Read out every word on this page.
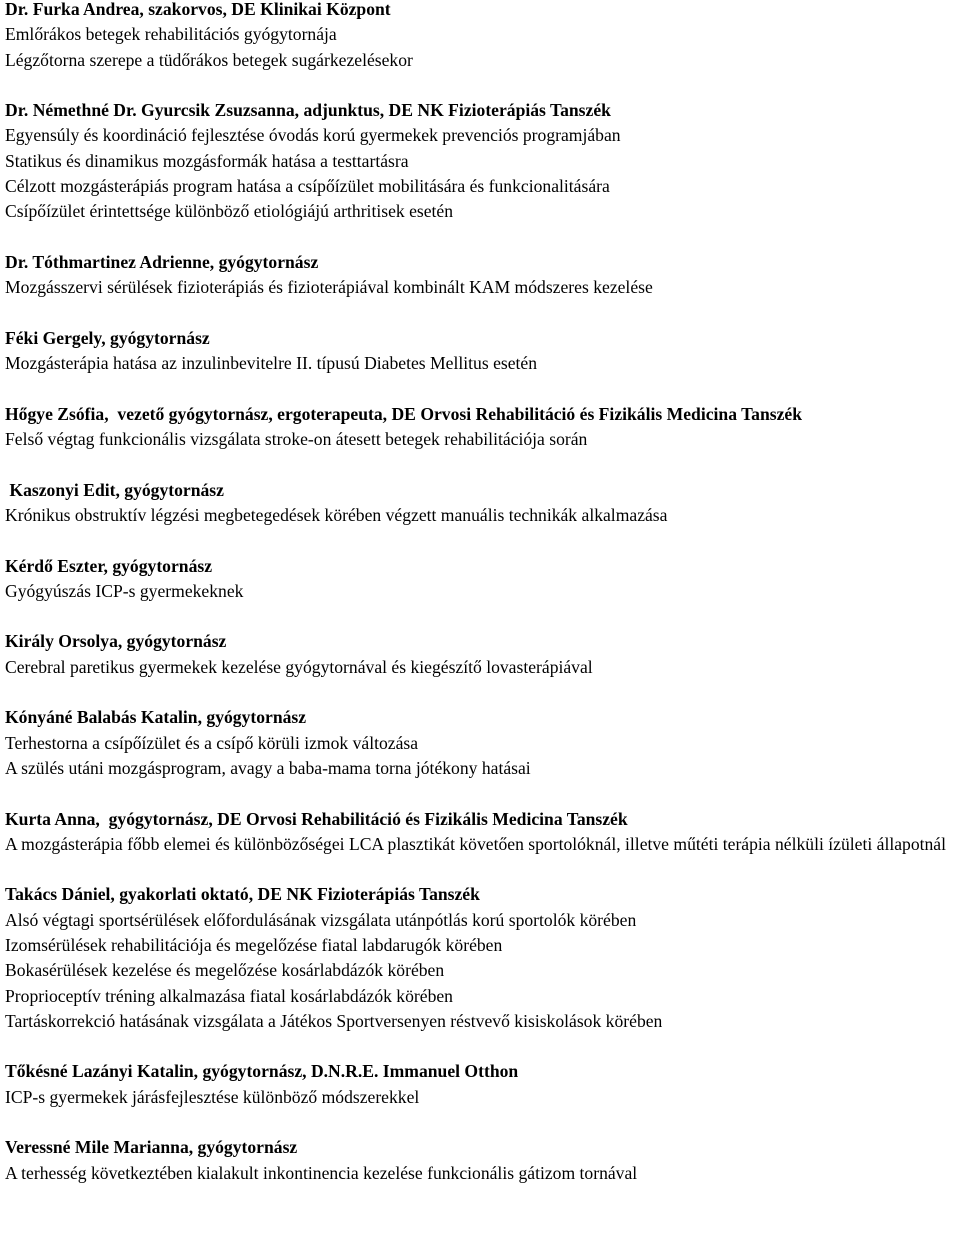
Dr. Furka Andrea, szakorvos, DE Klinikai Központ

Emlőrákos betegek rehabilitációs gyógytornája

Légzőtorna szerepe a tüdőrákos betegek sugárkezelésekor

Dr. Némethné Dr. Gyurcsik Zsuzsanna, adjunktus, DE NK Fizioterápiás Tanszék

Egyensúly és koordináció fejlesztése óvodás korú gyermekek prevenciós programjában

Statikus és dinamikus mozgásformák hatása a testtartásra

Célzott mozgásterápiás program hatása a csípőízület mobilitására és funkcionalitására

Csípőízület érintettsége különböző etiológiájú arthritisek esetén

Dr. Tóthmartinez Adrienne, gyógytornász

Mozgásszervi sérülések fizioterápiás és fizioterápiával kombinált KAM módszeres kezelése

Féki Gergely, gyógytornász

Mozgásterápia hatása az inzulinbevitelre II. típusú Diabetes Mellitus esetén

Hőgye Zsófia,  vezető gyógytornász, ergoterapeuta, DE Orvosi Rehabilitáció és Fizikális Medicina Tanszék

Felső végtag funkcionális vizsgálata stroke-on átesett betegek rehabilitációja során

Kaszonyi Edit, gyógytornász

Krónikus obstruktív légzési megbetegedések körében végzett manuális technikák alkalmazása

Kérdő Eszter, gyógytornász

Gyógyúszás ICP-s gyermekeknek

Király Orsolya, gyógytornász

Cerebral paretikus gyermekek kezelése gyógytornával és kiegészítő lovasterápiával

Kónyáné Balabás Katalin, gyógytornász

Terhestorna a csípőízület és a csípő körüli izmok változása

A szülés utáni mozgásprogram, avagy a baba-mama torna jótékony hatásai

Kurta Anna,  gyógytornász, DE Orvosi Rehabilitáció és Fizikális Medicina Tanszék

A mozgásterápia főbb elemei és különbözőségei LCA plasztikát követően sportolóknál, illetve műtéti terápia nélküli ízületi állapotnál

Takács Dániel, gyakorlati oktató, DE NK Fizioterápiás Tanszék

Alsó végtagi sportsérülések előfordulásának vizsgálata utánpótlás korú sportolók körében

Izomsérülések rehabilitációja és megelőzése fiatal labdarugók körében

Bokasérülések kezelése és megelőzése kosárlabdázók körében

Proprioceptív tréning alkalmazása fiatal kosárlabdázók körében

Tartáskorrekció hatásának vizsgálata a Játékos Sportversenyen réstvevő kisiskolások körében

Tőkésné Lazányi Katalin, gyógytornász, D.N.R.E. Immanuel Otthon

ICP-s gyermekek járásfejlesztése különböző módszerekkel

Veressné Mile Marianna, gyógytornász

A terhesség következtében kialakult inkontinencia kezelése funkcionális gátizom tornával
